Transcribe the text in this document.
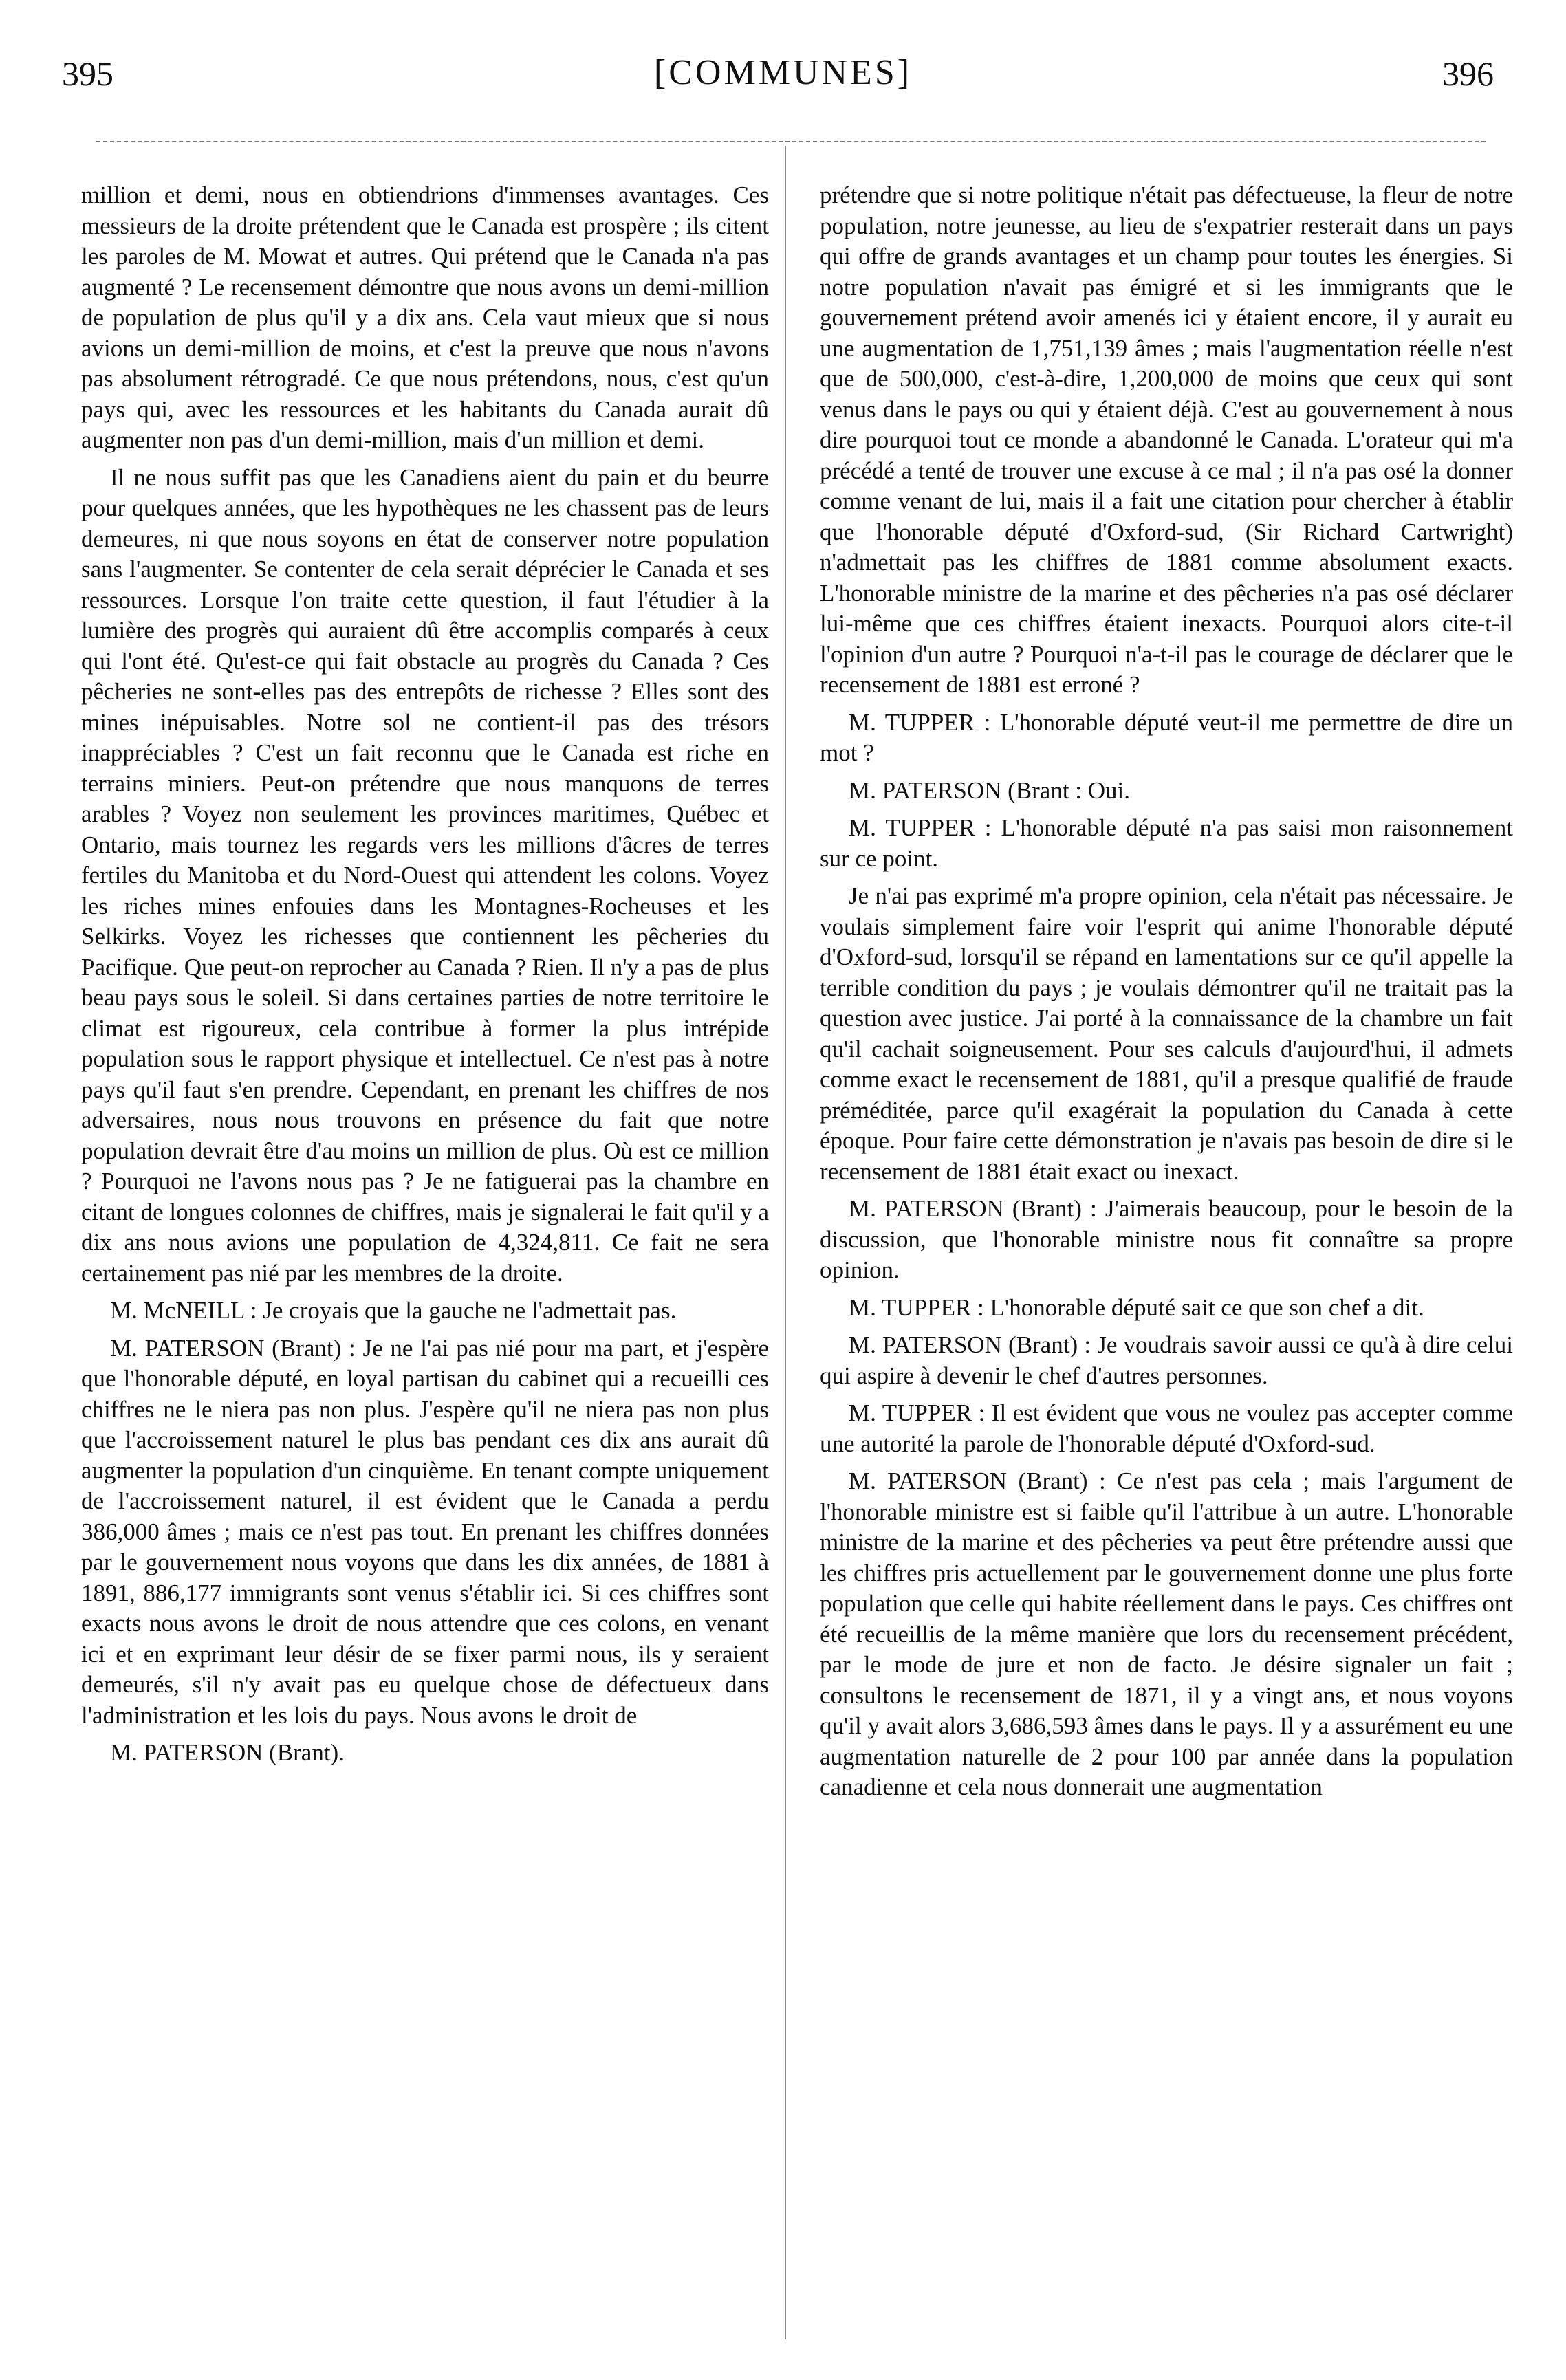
395	[COMMUNES]	396

million et demi, nous en obtiendrions d'immenses avantages. Ces messieurs de la droite prétendent que le Canada est prospère ; ils citent les paroles de M. Mowat et autres. Qui prétend que le Canada n'a pas augmenté ? Le recensement démontre que nous avons un demi-million de population de plus qu'il y a dix ans. Cela vaut mieux que si nous avions un demi-million de moins, et c'est la preuve que nous n'avons pas absolument rétrogradé. Ce que nous prétendons, nous, c'est qu'un pays qui, avec les ressources et les habitants du Canada aurait dû augmenter non pas d'un demi-million, mais d'un million et demi.

Il ne nous suffit pas que les Canadiens aient du pain et du beurre pour quelques années, que les hypothèques ne les chassent pas de leurs demeures, ni que nous soyons en état de conserver notre population sans l'augmenter. Se contenter de cela serait déprécier le Canada et ses ressources. Lorsque l'on traite cette question, il faut l'étudier à la lumière des progrès qui auraient dû être accomplis comparés à ceux qui l'ont été. Qu'est-ce qui fait obstacle au progrès du Canada ? Ces pêcheries ne sont-elles pas des entrepôts de richesse ? Elles sont des mines inépuisables. Notre sol ne contient-il pas des trésors inappréciables ? C'est un fait reconnu que le Canada est riche en terrains miniers. Peut-on prétendre que nous manquons de terres arables ? Voyez non seulement les provinces maritimes, Québec et Ontario, mais tournez les regards vers les millions d'âcres de terres fertiles du Manitoba et du Nord-Ouest qui attendent les colons. Voyez les riches mines enfouies dans les Montagnes-Rocheuses et les Selkirks. Voyez les richesses que contiennent les pêcheries du Pacifique. Que peut-on reprocher au Canada ? Rien. Il n'y a pas de plus beau pays sous le soleil. Si dans certaines parties de notre territoire le climat est rigoureux, cela contribue à former la plus intrépide population sous le rapport physique et intellectuel. Ce n'est pas à notre pays qu'il faut s'en prendre. Cependant, en prenant les chiffres de nos adversaires, nous nous trouvons en présence du fait que notre population devrait être d'au moins un million de plus. Où est ce million ? Pourquoi ne l'avons nous pas ? Je ne fatiguerai pas la chambre en citant de longues colonnes de chiffres, mais je signalerai le fait qu'il y a dix ans nous avions une population de 4,324,811. Ce fait ne sera certainement pas nié par les membres de la droite.

M. McNEILL : Je croyais que la gauche ne l'admettait pas.

M. PATERSON (Brant) : Je ne l'ai pas nié pour ma part, et j'espère que l'honorable député, en loyal partisan du cabinet qui a recueilli ces chiffres ne le niera pas non plus. J'espère qu'il ne niera pas non plus que l'accroissement naturel le plus bas pendant ces dix ans aurait dû augmenter la population d'un cinquième. En tenant compte uniquement de l'accroissement naturel, il est évident que le Canada a perdu 386,000 âmes ; mais ce n'est pas tout. En prenant les chiffres données par le gouvernement nous voyons que dans les dix années, de 1881 à 1891, 886,177 immigrants sont venus s'établir ici. Si ces chiffres sont exacts nous avons le droit de nous attendre que ces colons, en venant ici et en exprimant leur désir de se fixer parmi nous, ils y seraient demeurés, s'il n'y avait pas eu quelque chose de défectueux dans l'administration et les lois du pays. Nous avons le droit de

M. PATERSON (Brant).

prétendre que si notre politique n'était pas défectueuse, la fleur de notre population, notre jeunesse, au lieu de s'expatrier resterait dans un pays qui offre de grands avantages et un champ pour toutes les énergies. Si notre population n'avait pas émigré et si les immigrants que le gouvernement prétend avoir amenés ici y étaient encore, il y aurait eu une augmentation de 1,751,139 âmes ; mais l'augmentation réelle n'est que de 500,000, c'est-à-dire, 1,200,000 de moins que ceux qui sont venus dans le pays ou qui y étaient déjà. C'est au gouvernement à nous dire pourquoi tout ce monde a abandonné le Canada. L'orateur qui m'a précédé a tenté de trouver une excuse à ce mal ; il n'a pas osé la donner comme venant de lui, mais il a fait une citation pour chercher à établir que l'honorable député d'Oxford-sud, (Sir Richard Cartwright) n'admettait pas les chiffres de 1881 comme absolument exacts. L'honorable ministre de la marine et des pêcheries n'a pas osé déclarer lui-même que ces chiffres étaient inexacts. Pourquoi alors cite-t-il l'opinion d'un autre ? Pourquoi n'a-t-il pas le courage de déclarer que le recensement de 1881 est erroné ?

M. TUPPER : L'honorable député veut-il me permettre de dire un mot ?

M. PATERSON (Brant : Oui.

M. TUPPER : L'honorable député n'a pas saisi mon raisonnement sur ce point.

Je n'ai pas exprimé m'a propre opinion, cela n'était pas nécessaire. Je voulais simplement faire voir l'esprit qui anime l'honorable député d'Oxford-sud, lorsqu'il se répand en lamentations sur ce qu'il appelle la terrible condition du pays ; je voulais démontrer qu'il ne traitait pas la question avec justice. J'ai porté à la connaissance de la chambre un fait qu'il cachait soigneusement. Pour ses calculs d'aujourd'hui, il admets comme exact le recensement de 1881, qu'il a presque qualifié de fraude préméditée, parce qu'il exagérait la population du Canada à cette époque. Pour faire cette démonstration je n'avais pas besoin de dire si le recensement de 1881 était exact ou inexact.

M. PATERSON (Brant) : J'aimerais beaucoup, pour le besoin de la discussion, que l'honorable ministre nous fit connaître sa propre opinion.

M. TUPPER : L'honorable député sait ce que son chef a dit.

M. PATERSON (Brant) : Je voudrais savoir aussi ce qu'à à dire celui qui aspire à devenir le chef d'autres personnes.

M. TUPPER : Il est évident que vous ne voulez pas accepter comme une autorité la parole de l'honorable député d'Oxford-sud.

M. PATERSON (Brant) : Ce n'est pas cela ; mais l'argument de l'honorable ministre est si faible qu'il l'attribue à un autre. L'honorable ministre de la marine et des pêcheries va peut être prétendre aussi que les chiffres pris actuellement par le gouvernement donne une plus forte population que celle qui habite réellement dans le pays. Ces chiffres ont été recueillis de la même manière que lors du recensement précédent, par le mode de jure et non de facto. Je désire signaler un fait ; consultons le recensement de 1871, il y a vingt ans, et nous voyons qu'il y avait alors 3,686,593 âmes dans le pays. Il y a assurément eu une augmentation naturelle de 2 pour 100 par année dans la population canadienne et cela nous donnerait une augmentation
